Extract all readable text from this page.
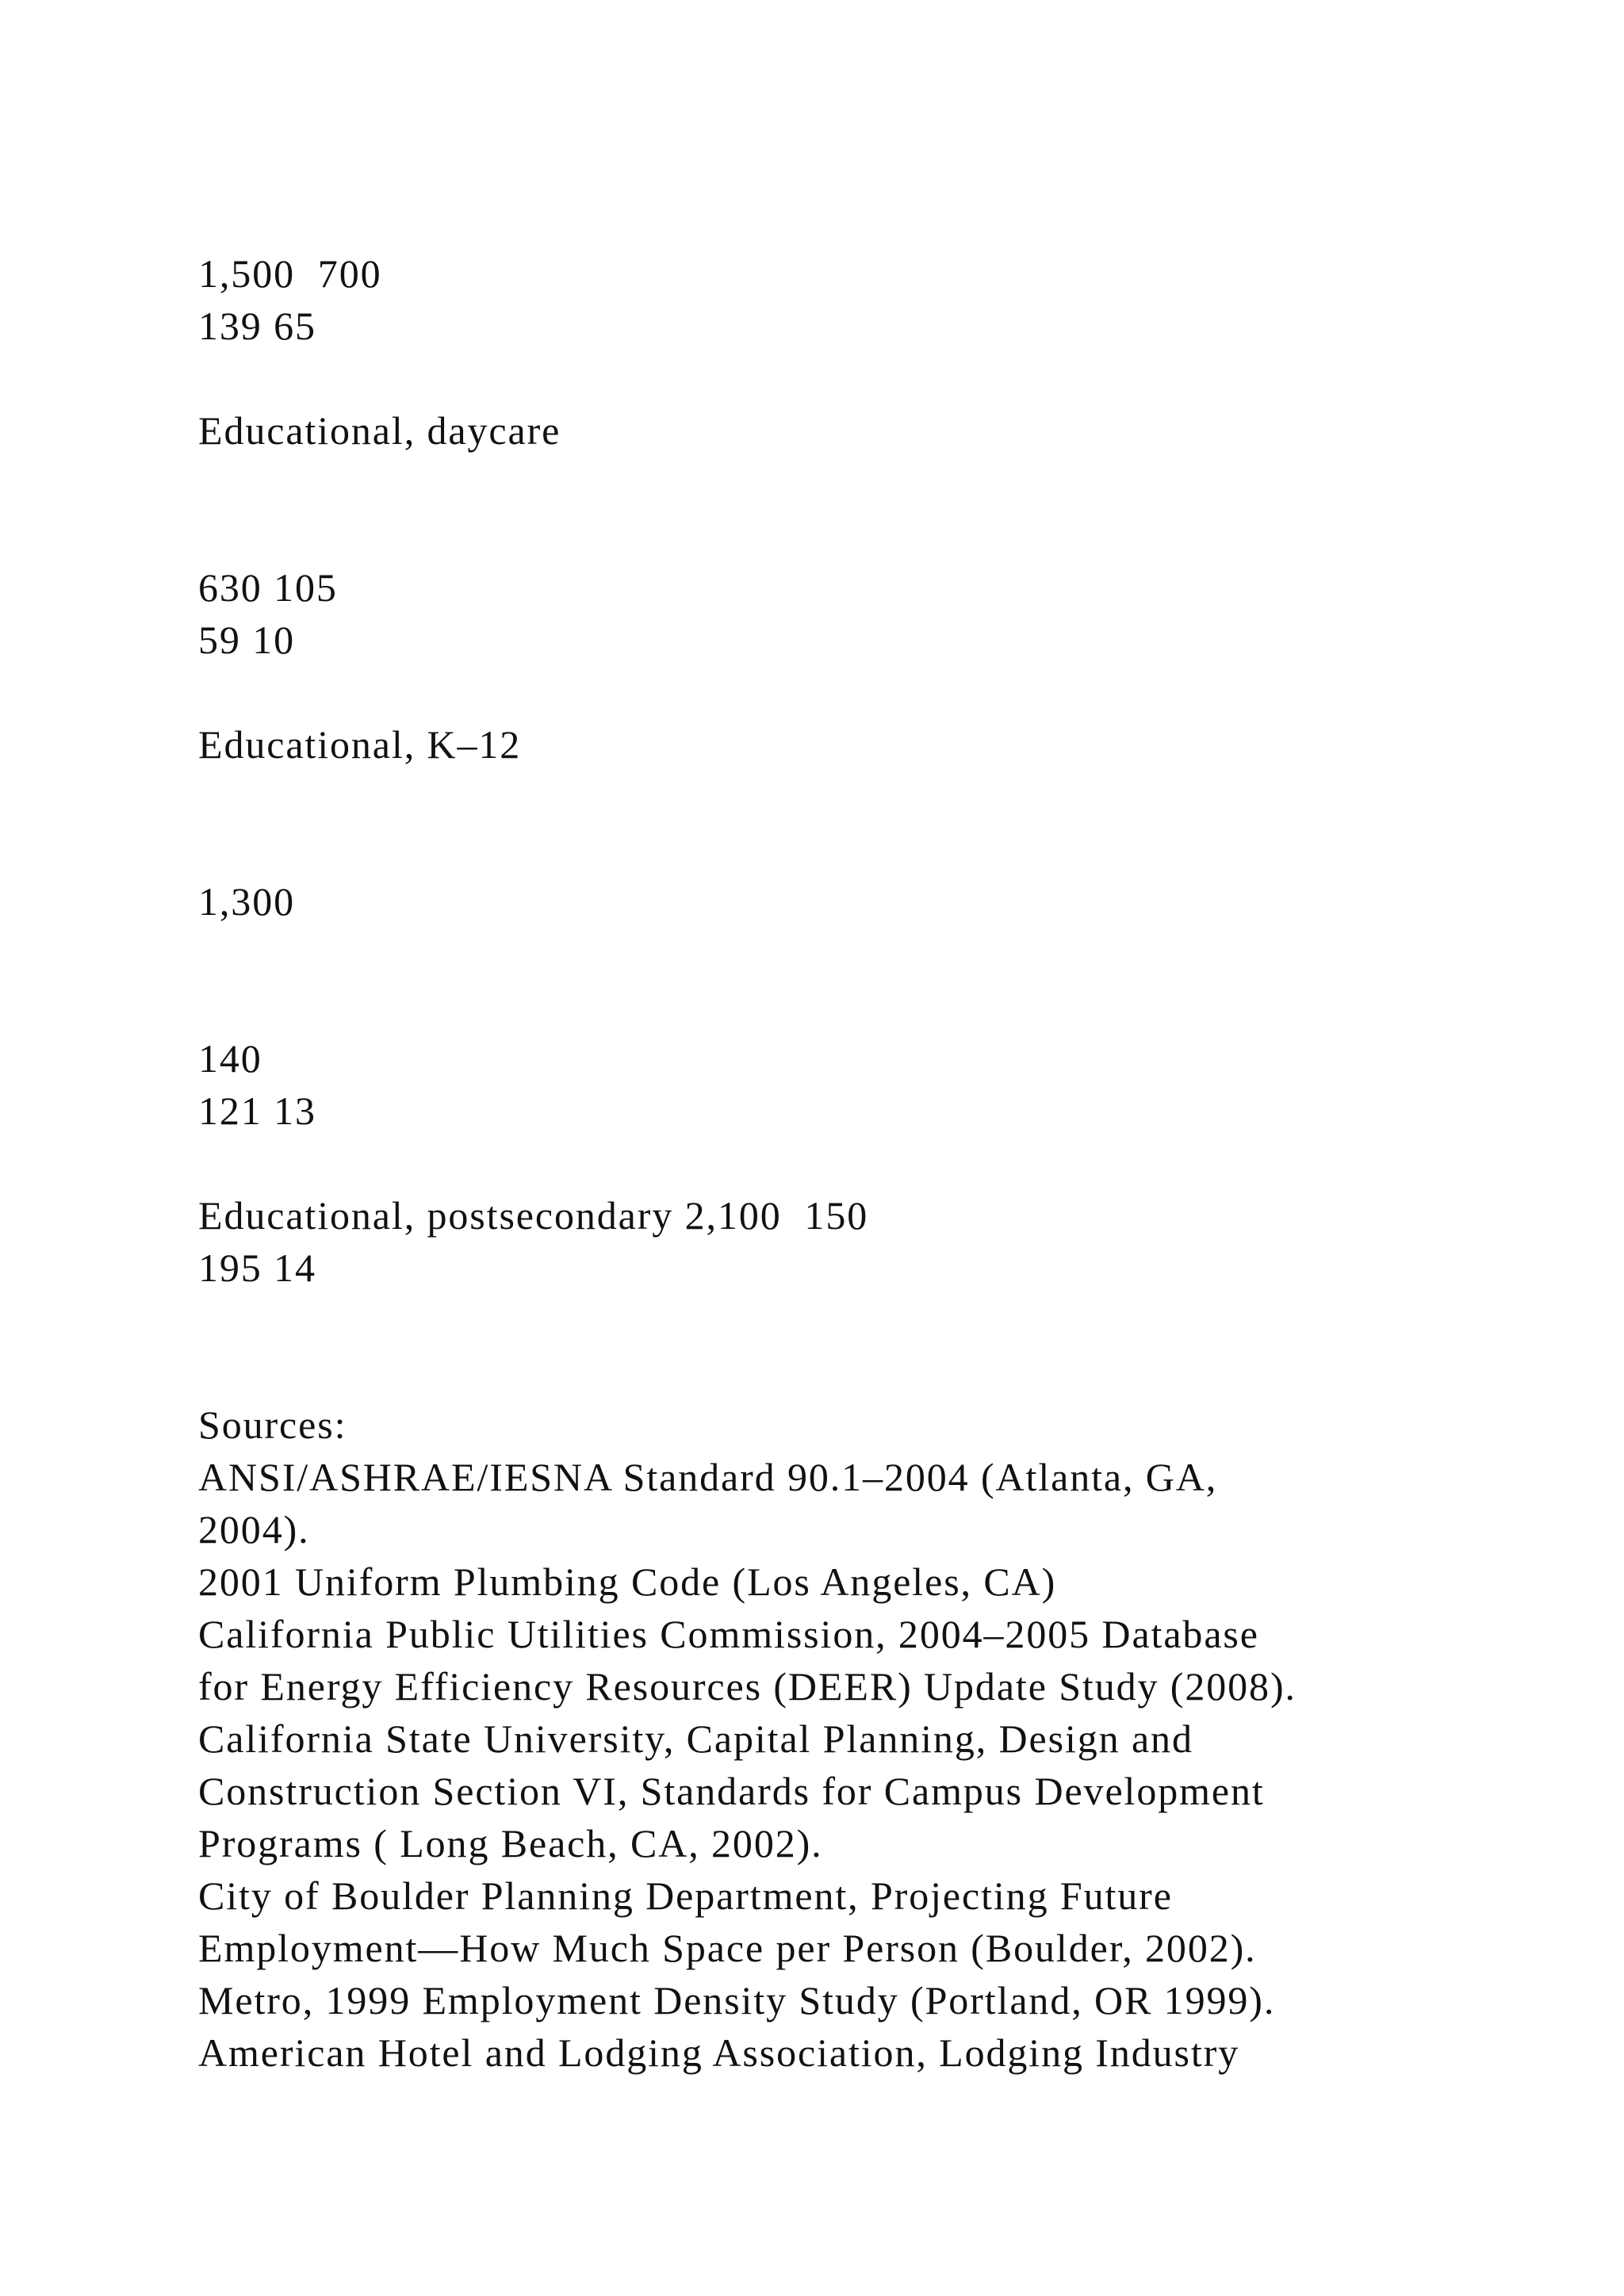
1,500  700
139 65
Educational, daycare
630 105
59 10
Educational, K–12
1,300
140
121 13
Educational, postsecondary 2,100  150
195 14
Sources:
ANSI/ASHRAE/IESNA Standard 90.1–2004 (Atlanta, GA,
2004).
2001 Uniform Plumbing Code (Los Angeles, CA)
California Public Utilities Commission, 2004–2005 Database
for Energy Efficiency Resources (DEER) Update Study (2008).
California State University, Capital Planning, Design and
Construction Section VI, Standards for Campus Development
Programs ( Long Beach, CA, 2002).
City of Boulder Planning Department, Projecting Future
Employment—How Much Space per Person (Boulder, 2002).
Metro, 1999 Employment Density Study (Portland, OR 1999).
American Hotel and Lodging Association, Lodging Industry
